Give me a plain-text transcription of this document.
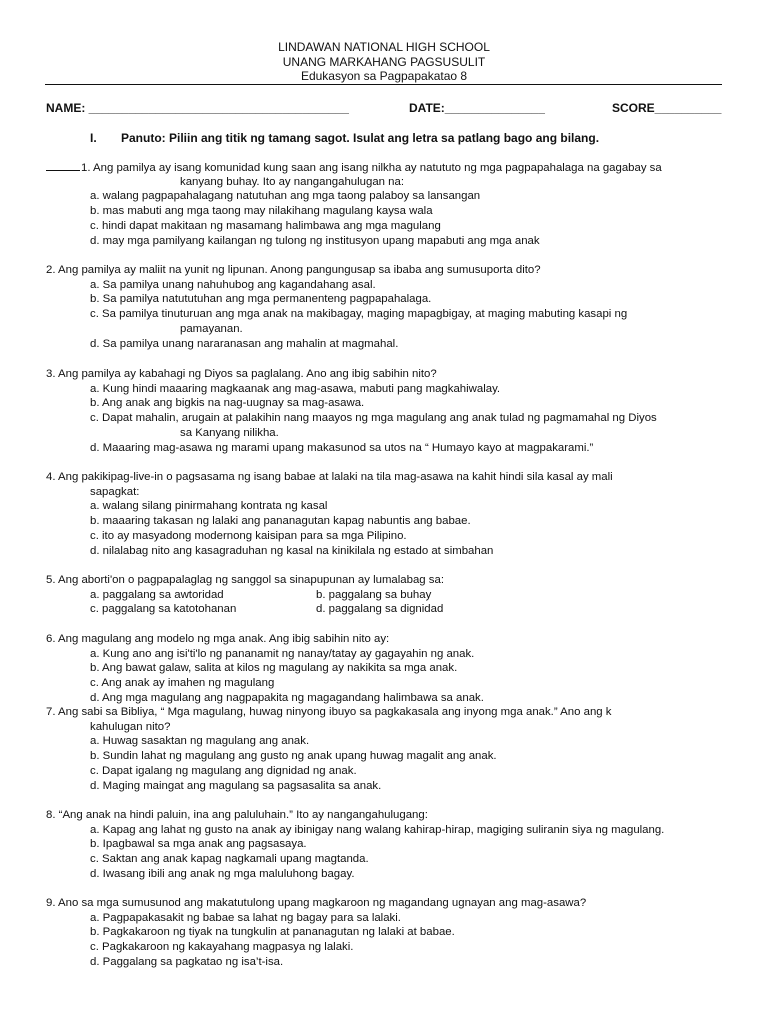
LINDAWAN NATIONAL HIGH SCHOOL
UNANG MARKAHANG PAGSUSULIT
Edukasyon sa Pagpapakatao 8
NAME: _______________________________________	DATE:_______________	SCORE__________
I. Panuto: Piliin ang titik ng tamang sagot. Isulat ang letra sa patlang bago ang bilang.
1. Ang pamilya ay isang komunidad kung saan ang isang nilkha ay natututo ng mga pagpapahalaga na gagabay sa
kanyang buhay. Ito ay nangangahulugan na:
a. walang pagpapahalagang natutuhan ang mga taong palaboy sa lansangan
b. mas mabuti ang mga taong may nilakihang magulang kaysa wala
c. hindi dapat makitaan ng masamang halimbawa ang mga magulang
d. may mga pamilyang kailangan ng tulong ng institusyon upang mapabuti ang mga anak
2. Ang pamilya ay maliit na yunit ng lipunan. Anong pangungusap sa ibaba ang sumusuporta dito?
a. Sa pamilya unang nahuhubog ang kagandahang asal.
b. Sa pamilya natututuhan ang mga permanenteng pagpapahalaga.
c. Sa pamilya tinuturuan ang mga anak na makibagay, maging mapagbigay, at maging mabuting kasapi ng
pamayanan.
d. Sa pamilya unang nararanasan ang mahalin at magmahal.
3. Ang pamilya ay kabahagi ng Diyos sa paglalang. Ano ang ibig sabihin nito?
a. Kung hindi maaaring magkaanak ang mag-asawa, mabuti pang magkahiwalay.
b. Ang anak ang bigkis na nag-uugnay sa mag-asawa.
c. Dapat mahalin, arugain at palakihin nang maayos ng mga magulang ang anak tulad ng pagmamahal ng Diyos
sa Kanyang nilikha.
d. Maaaring mag-asawa ng marami upang makasunod sa utos na “ Humayo kayo at magpakarami.”
4. Ang pakikipag-live-in o pagsasama ng isang babae at lalaki na tila mag-asawa na kahit hindi sila kasal ay mali
sapagkat:
a. walang silang pinirmahang kontrata ng kasal
b. maaaring takasan ng lalaki ang pananagutan kapag nabuntis ang babae.
c. ito ay masyadong modernong kaisipan para sa mga Pilipino.
d. nilalabag nito ang kasagraduhan ng kasal na kinikilala ng estado at simbahan
5. Ang aborti'on o pagpapalaglag ng sanggol sa sinapupunan ay lumalabag sa:
a. paggalang sa awtoridad	b. paggalang sa buhay
c. paggalang sa katotohanan	d. paggalang sa dignidad
6. Ang magulang ang modelo ng mga anak. Ang ibig sabihin nito ay:
a. Kung ano ang isi'ti'lo ng pananamit ng nanay/tatay ay gagayahin ng anak.
b. Ang bawat galaw, salita at kilos ng magulang ay nakikita sa mga anak.
c. Ang anak ay imahen ng magulang
d. Ang mga magulang ang nagpapakita ng magagandang halimbawa sa anak.
7. Ang sabi sa Bibliya, “ Mga magulang, huwag ninyong ibuyo sa pagkakasala ang inyong mga anak.” Ano ang k
kahulugan nito?
a. Huwag sasaktan ng magulang ang anak.
b. Sundin lahat ng magulang ang gusto ng anak upang huwag magalit ang anak.
c. Dapat igalang ng magulang ang dignidad ng anak.
d. Maging maingat ang magulang sa pagsasalita sa anak.
8. “Ang anak na hindi paluin, ina ang paluluhain.” Ito ay nangangahulugang:
a. Kapag ang lahat ng gusto na anak ay ibinigay nang walang kahirap-hirap, magiging suliranin siya ng magulang.
b. Ipagbawal sa mga anak ang pagsasaya.
c. Saktan ang anak kapag nagkamali upang magtanda.
d. Iwasang ibili ang anak ng mga maluluhong bagay.
9. Ano sa mga sumusunod ang makatutulong upang magkaroon ng magandang ugnayan ang mag-asawa?
a. Pagpapakasakit ng babae sa lahat ng bagay para sa lalaki.
b. Pagkakaroon ng tiyak na tungkulin at pananagutan ng lalaki at babae.
c. Pagkakaroon ng kakayahang magpasya ng lalaki.
d. Paggalang sa pagkatao ng isa’t-isa.
